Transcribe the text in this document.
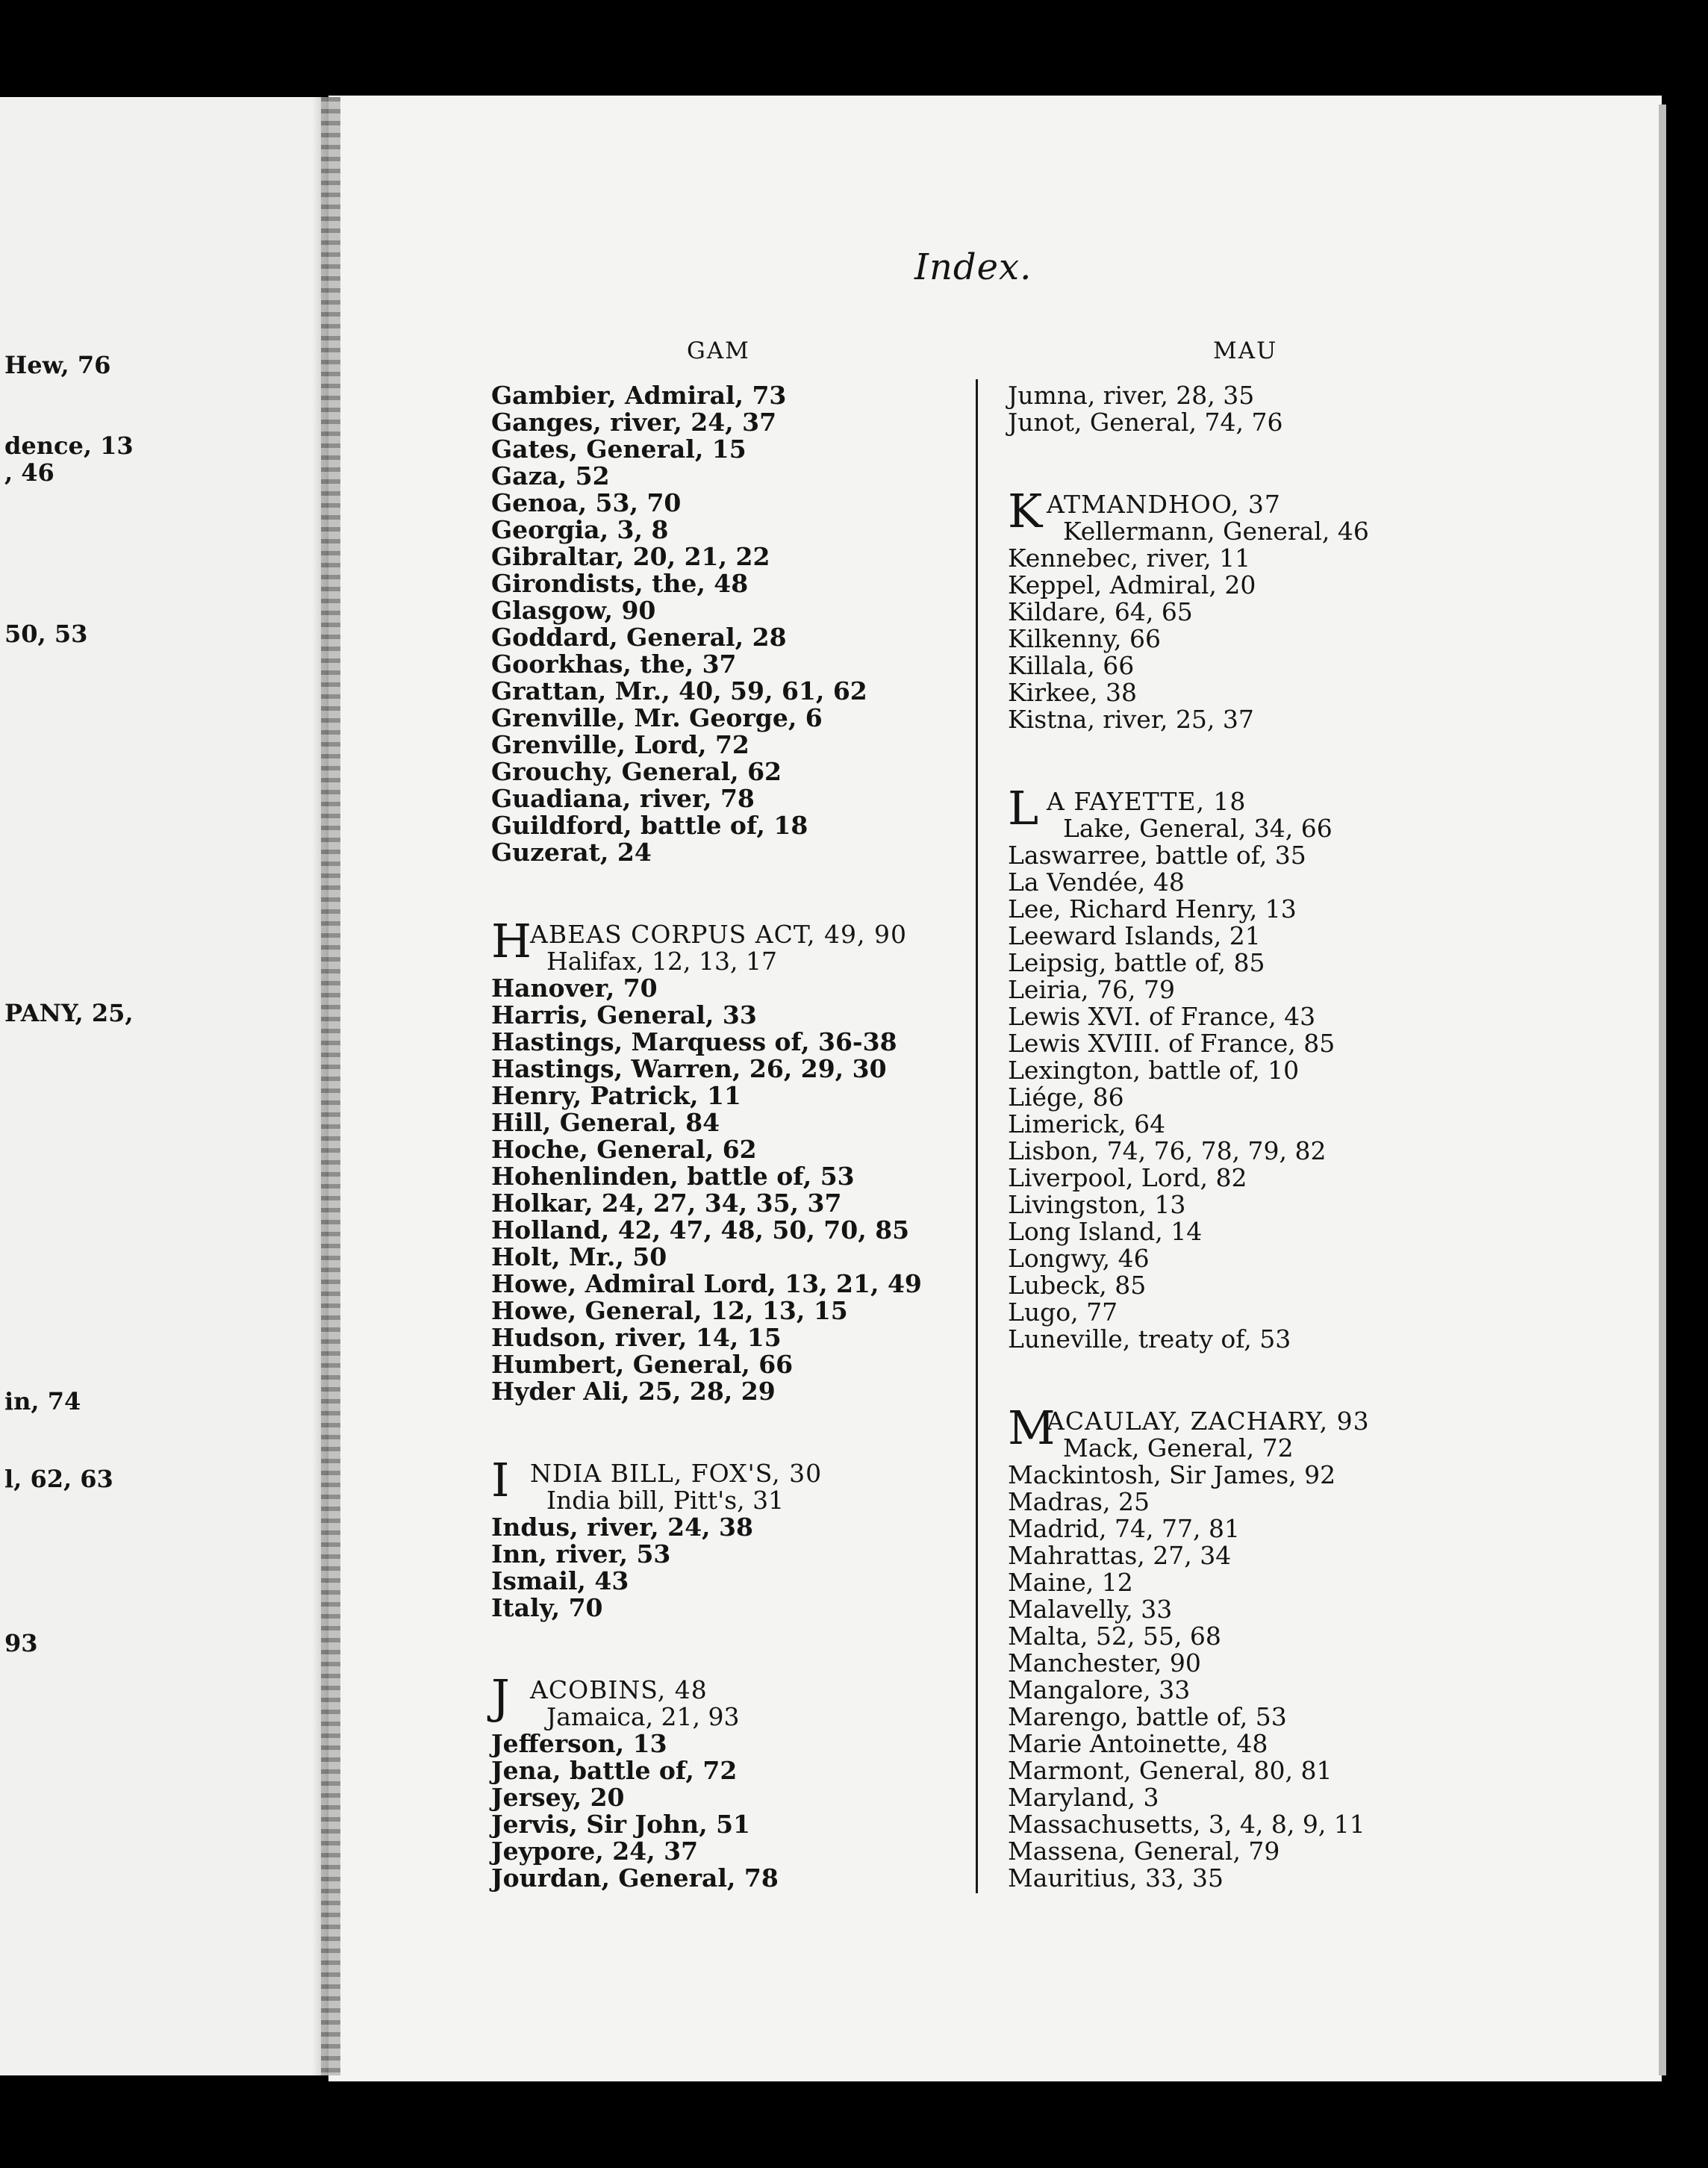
Hew, 76
dence, 13
, 46
50, 53
PANY, 25,
in, 74
l, 62, 63
93
Index.
GAM	MAU
Gambier, Admiral, 73
Ganges, river, 24, 37
Gates, General, 15
Gaza, 52
Genoa, 53, 70
Georgia, 3, 8
Gibraltar, 20, 21, 22
Girondists, the, 48
Glasgow, 90
Goddard, General, 28
Goorkhas, the, 37
Grattan, Mr., 40, 59, 61, 62
Grenville, Mr. George, 6
Grenville, Lord, 72
Grouchy, General, 62
Guadiana, river, 78
Guildford, battle of, 18
Guzerat, 24
H
ABEAS CORPUS ACT, 49, 90
Halifax, 12, 13, 17
Hanover, 70
Harris, General, 33
Hastings, Marquess of, 36-38
Hastings, Warren, 26, 29, 30
Henry, Patrick, 11
Hill, General, 84
Hoche, General, 62
Hohenlinden, battle of, 53
Holkar, 24, 27, 34, 35, 37
Holland, 42, 47, 48, 50, 70, 85
Holt, Mr., 50
Howe, Admiral Lord, 13, 21, 49
Howe, General, 12, 13, 15
Hudson, river, 14, 15
Humbert, General, 66
Hyder Ali, 25, 28, 29
I NDIA BILL, FOX'S, 30
India bill, Pitt's, 31
Indus, river, 24, 38
Inn, river, 53
Ismail, 43
Italy, 70
J ACOBINS, 48
Jamaica, 21, 93
Jefferson, 13
Jena, battle of, 72
Jersey, 20
Jervis, Sir John, 51
Jeypore, 24, 37
Jourdan, General, 78
Jumna, river, 28, 35
Junot, General, 74, 76
K ATMANDHOO, 37
Kellermann, General, 46
Kennebec, river, 11
Keppel, Admiral, 20
Kildare, 64, 65
Kilkenny, 66
Killala, 66
Kirkee, 38
Kistna, river, 25, 37
L A FAYETTE, 18
Lake, General, 34, 66
Laswarree, battle of, 35
La Vendée, 48
Lee, Richard Henry, 13
Leeward Islands, 21
Leipsig, battle of, 85
Leiria, 76, 79
Lewis XVI. of France, 43
Lewis XVIII. of France, 85
Lexington, battle of, 10
Liége, 86
Limerick, 64
Lisbon, 74, 76, 78, 79, 82
Liverpool, Lord, 82
Livingston, 13
Long Island, 14
Longwy, 46
Lubeck, 85
Lugo, 77
Luneville, treaty of, 53
M
ACAULAY, ZACHARY, 93
Mack, General, 72
Mackintosh, Sir James, 92
Madras, 25
Madrid, 74, 77, 81
Mahrattas, 27, 34
Maine, 12
Malavelly, 33
Malta, 52, 55, 68
Manchester, 90
Mangalore, 33
Marengo, battle of, 53
Marie Antoinette, 48
Marmont, General, 80, 81
Maryland, 3
Massachusetts, 3, 4, 8, 9, 11
Massena, General, 79
Mauritius, 33, 35
